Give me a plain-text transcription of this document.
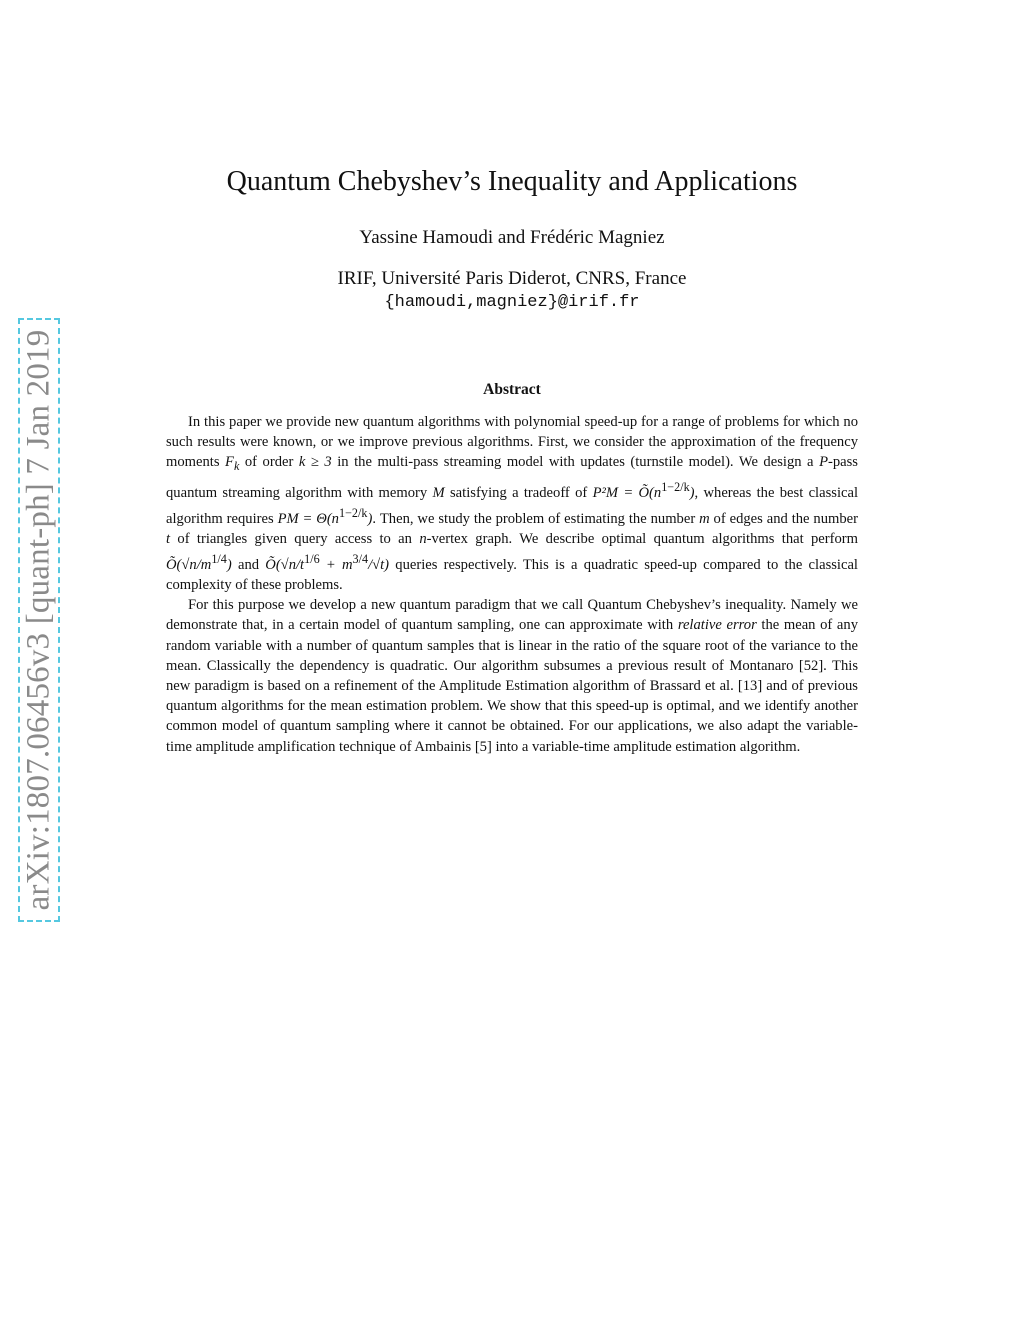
arXiv:1807.06456v3 [quant-ph] 7 Jan 2019
Quantum Chebyshev’s Inequality and Applications
Yassine Hamoudi and Frédéric Magniez
IRIF, Université Paris Diderot, CNRS, France
{hamoudi,magniez}@irif.fr
Abstract

In this paper we provide new quantum algorithms with polynomial speed-up for a range of problems for which no such results were known, or we improve previous algorithms. First, we consider the approximation of the frequency moments $F_k$ of order k ≥ 3 in the multi-pass streaming model with updates (turnstile model). We design a P-pass quantum streaming algorithm with memory M satisfying a tradeoff of $P^2M = Õ(n^{1-2/k})$, whereas the best classical algorithm requires PM = $\Theta(n^{1-2/k})$. Then, we study the problem of estimating the number m of edges and the number t of triangles given query access to an n-vertex graph. We describe optimal quantum algorithms that perform $Õ(√n/m^{1/4})$ and $Õ(√n/t^{1/6} + m^{3/4}/√t)$ queries respectively. This is a quadratic speed-up compared to the classical complexity of these problems.

For this purpose we develop a new quantum paradigm that we call Quantum Chebyshev’s inequality. Namely we demonstrate that, in a certain model of quantum sampling, one can approximate with relative error the mean of any random variable with a number of quantum samples that is linear in the ratio of the square root of the variance to the mean. Classically the dependency is quadratic. Our algorithm subsumes a previous result of Montanaro [52]. This new paradigm is based on a refinement of the Amplitude Estimation algorithm of Brassard et al. [13] and of previous quantum algorithms for the mean estimation problem. We show that this speed-up is optimal, and we identify another common model of quantum sampling where it cannot be obtained. For our applications, we also adapt the variable-time amplitude amplification technique of Ambainis [5] into a variable-time amplitude estimation algorithm.
